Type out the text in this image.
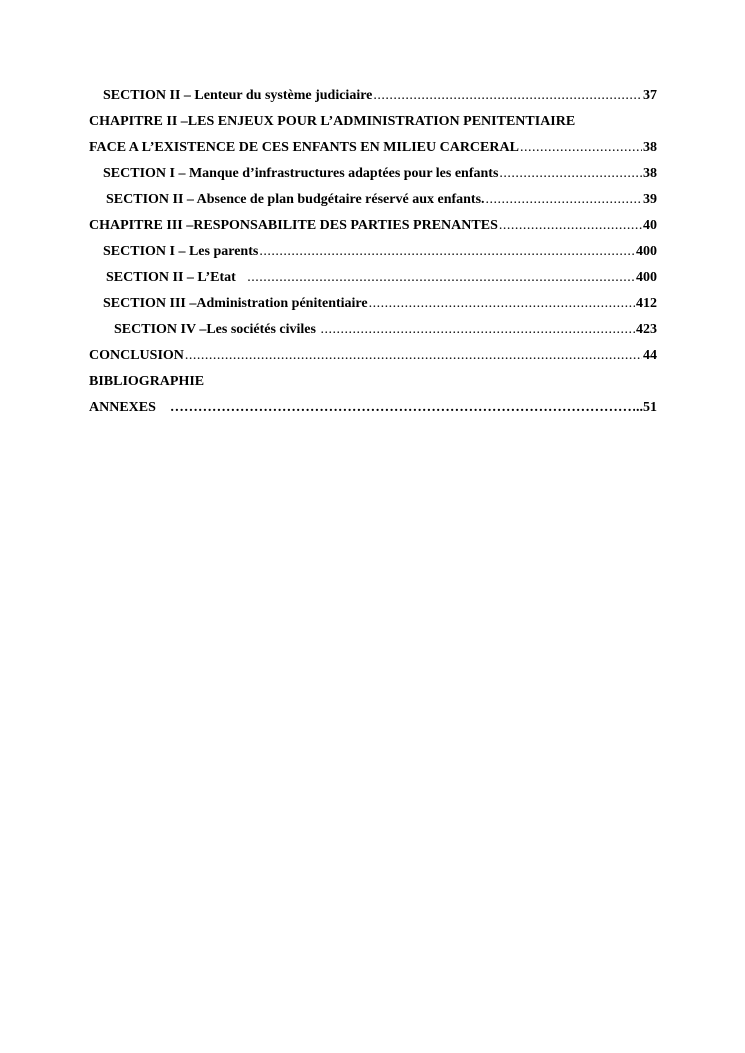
SECTION II – Lenteur du système judiciaire .....	37
CHAPITRE II –LES ENJEUX POUR L’ADMINISTRATION PENITENTIAIRE
FACE A L’EXISTENCE DE CES ENFANTS EN MILIEU CARCERAL .....	38
SECTION I – Manque d’infrastructures adaptées pour les enfants .....	38
SECTION II – Absence de plan budgétaire réservé aux enfants. .....	39
CHAPITRE III –RESPONSABILITE DES PARTIES PRENANTES .....	40
SECTION I – Les parents .....	400
SECTION II – L’Etat .....	400
SECTION III –Administration pénitentiaire .....	412
SECTION IV –Les sociétés civiles .....	423
CONCLUSION .....	44
BIBLIOGRAPHIE
ANNEXES …………………………………………………………………………………………………………………………	..51
